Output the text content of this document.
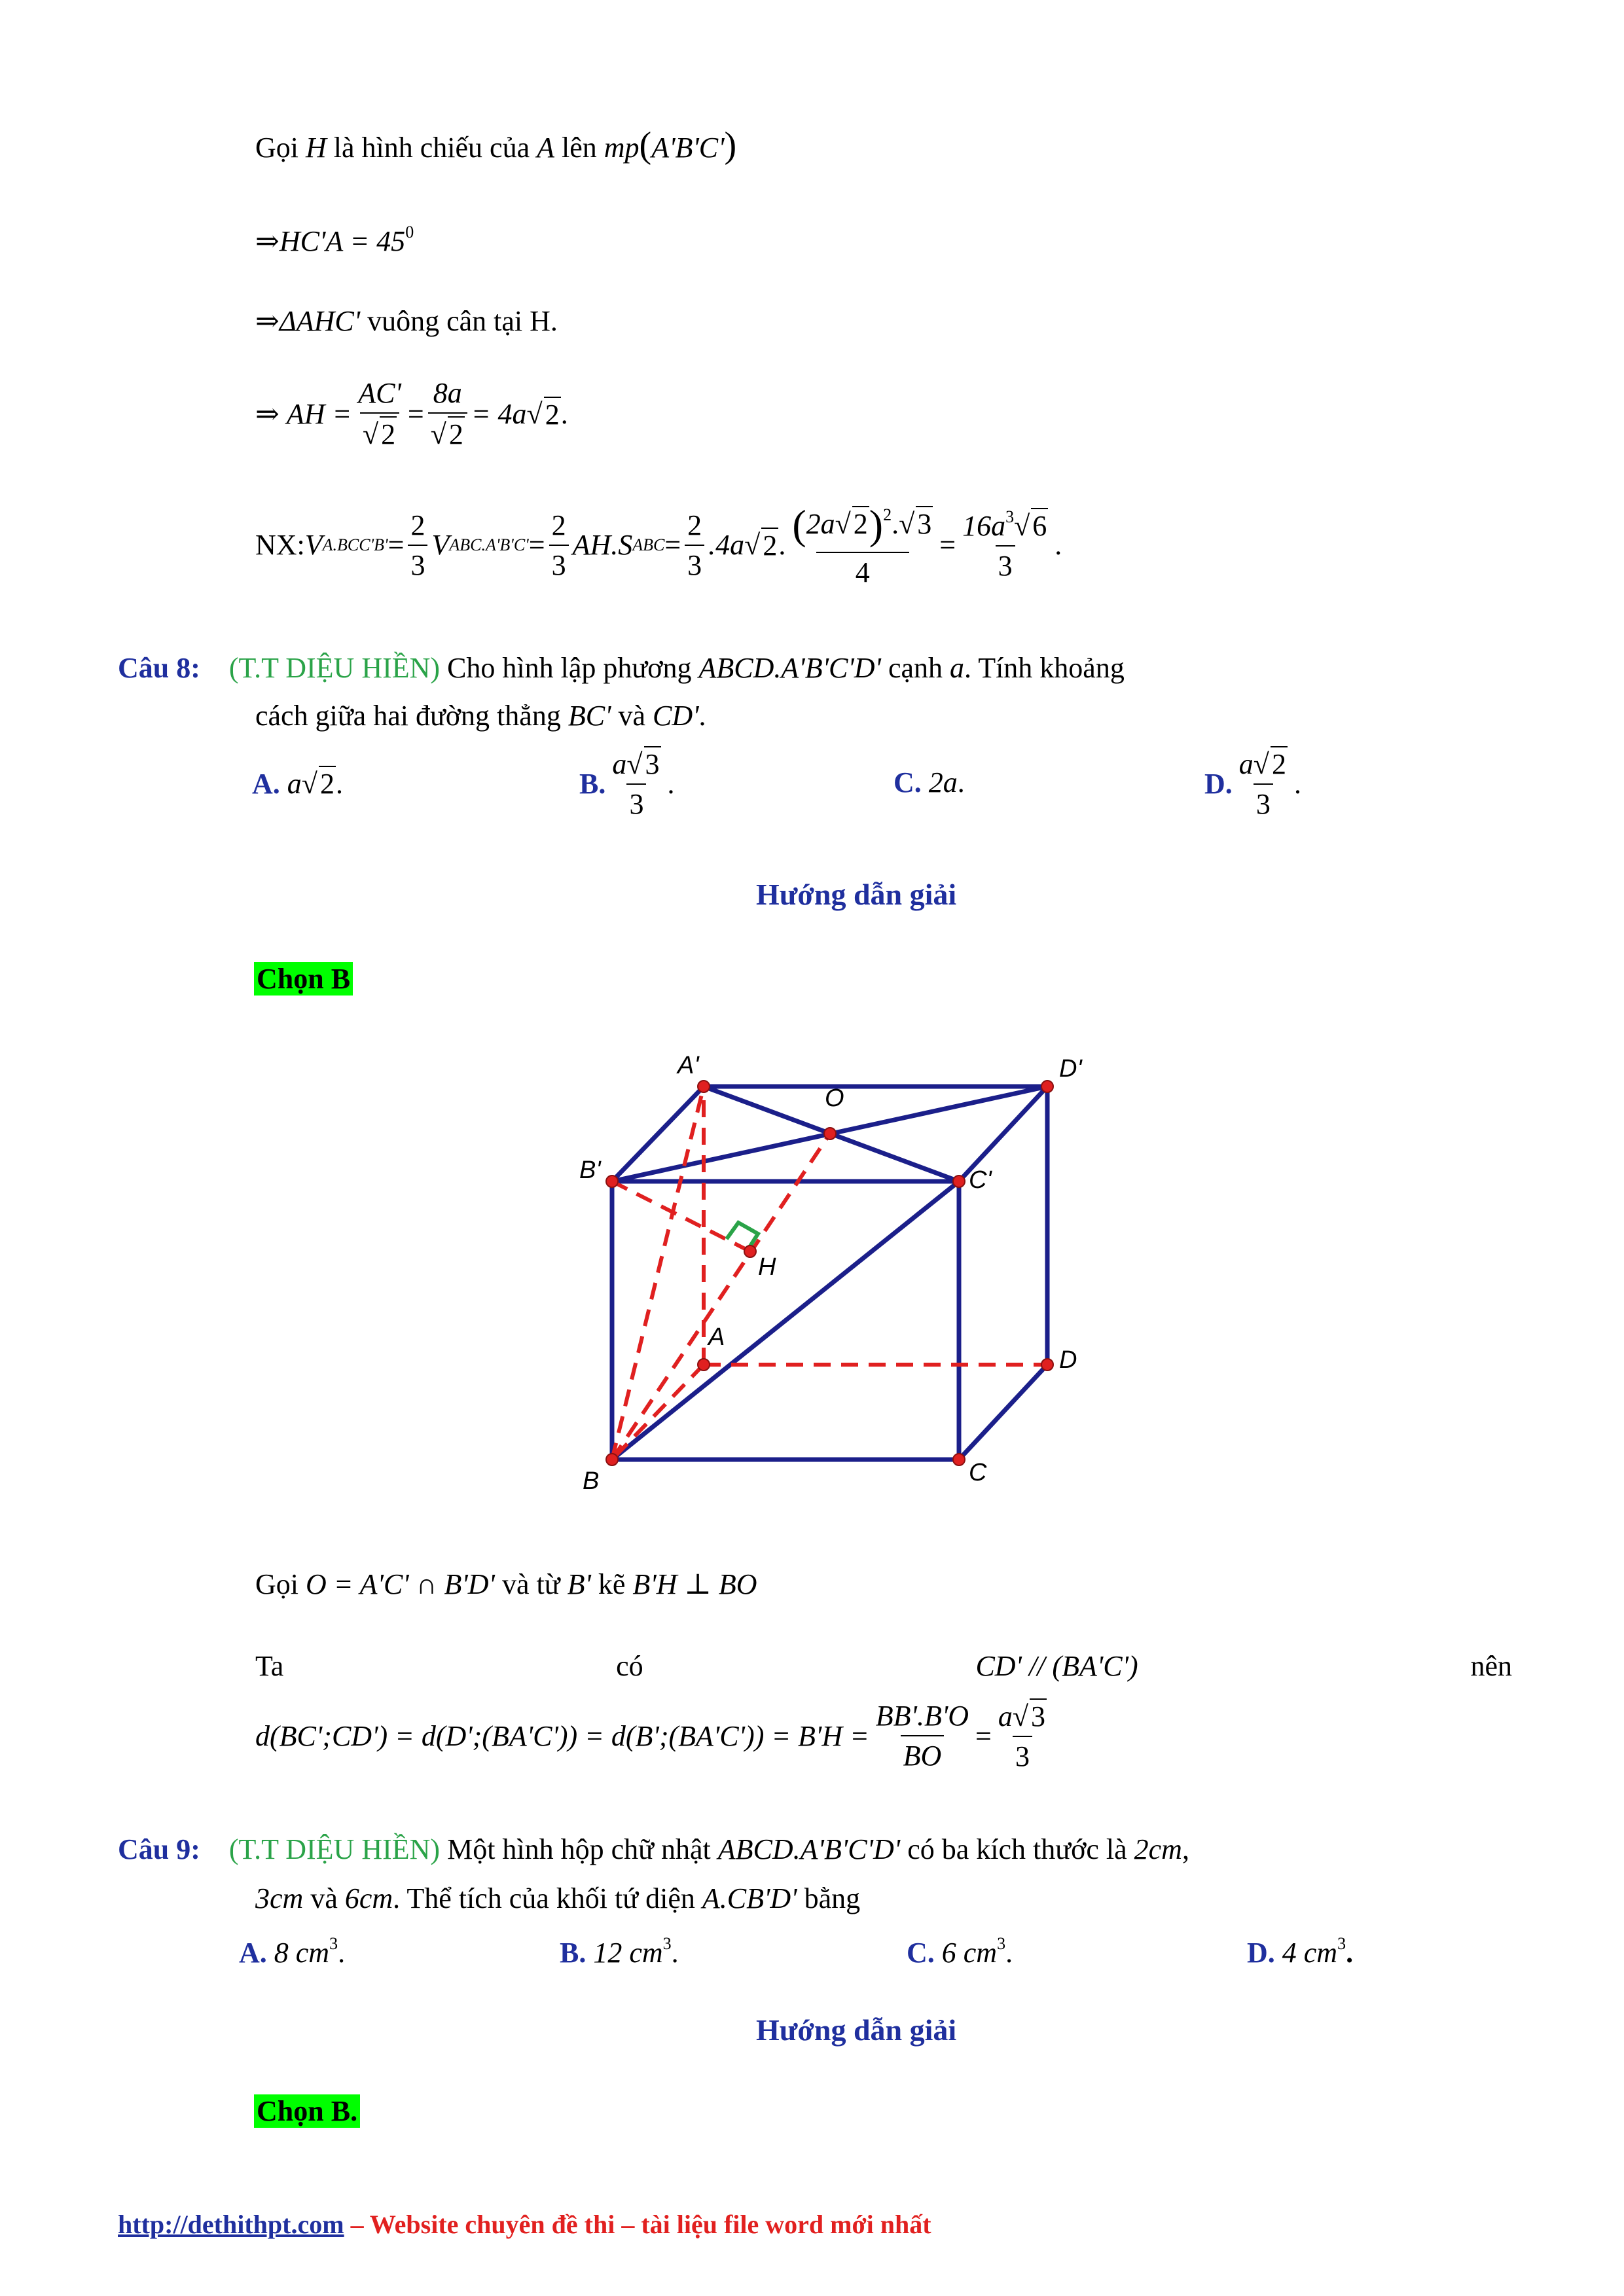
Gọi H là hình chiếu của A lên mp(A'B'C')
⇒HC'A = $45^0$
⇒ΔAHC' vuông cân tại H.
⇒
AH = $\frac{AC'}{√2} = \frac{8a}{√2} = 4a$ √ 2 .
NX: V $A.BCC'B' = \frac{2}{3}$ V $ABC.A'B'C' = \frac{2}{3} AH.S$ ABC = $\frac{2}{3} .4a$ √ 2 . $\frac{(2a√2)^2.√3}{4} = \frac{16a^3√6}{3}$ .
Câu 8: (T.T DIỆU HIỀN) Cho hình lập phương ABCD.A'B'C'D' cạnh a. Tính khoảng
cách giữa hai đường thẳng BC' và CD'.
A. a√2.	B. $\frac{a√3}{3}$ .	C. 2a.	D. $\frac{a√2}{3}$ .
Hướng dẫn giải
Chọn B
A'	D'
O
B'	C'
H
A
D
B	C
Gọi O = A'C' ∩ B'D' và từ B' kẽ B'H ⊥ BO
Ta	có	CD' // (BA'C')	nên
d(BC';CD') = d(D';(BA'C')) = d(B';(BA'C')) = $B'H = \frac{BB'.B'O}{BO} = \frac{a√3}{3}$
Câu 9: (T.T DIỆU HIỀN) Một hình hộp chữ nhật ABCD.A'B'C'D' có ba kích thước là 2cm,
3cm và 6cm. Thể tích của khối tứ diện A.CB'D' bằng
A. 8 $cm^3$.	B. 12 $cm^3$.	C. 6 $cm^3$.	D. 4 $cm^3$.
Hướng dẫn giải
Chọn B.
http://dethithpt.com – Website chuyên đề thi – tài liệu file word mới nhất
